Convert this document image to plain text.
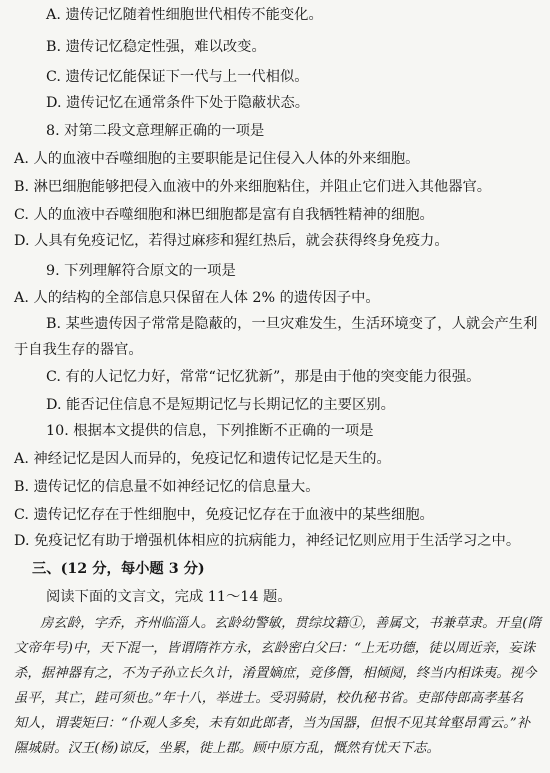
A. 遗传记忆随着性细胞世代相传不能变化。
B. 遗传记忆稳定性强，难以改变。
C. 遗传记忆能保证下一代与上一代相似。
D. 遗传记忆在通常条件下处于隐蔽状态。
8. 对第二段文意理解正确的一项是
A. 人的血液中吞噬细胞的主要职能是记住侵入人体的外来细胞。
B. 淋巴细胞能够把侵入血液中的外来细胞粘住，并阻止它们进入其他器官。
C. 人的血液中吞噬细胞和淋巴细胞都是富有自我牺牲精神的细胞。
D. 人具有免疫记忆，若得过麻疹和猩红热后，就会获得终身免疫力。
9. 下列理解符合原文的一项是
A. 人的结构的全部信息只保留在人体 2% 的遗传因子中。
B. 某些遗传因子常常是隐蔽的，一旦灾难发生，生活环境变了，人就会产生利
于自我生存的器官。
C. 有的人记忆力好，常常“记忆犹新”，那是由于他的突变能力很强。
D. 能否记住信息不是短期记忆与长期记忆的主要区别。
10. 根据本文提供的信息，下列推断不正确的一项是
A. 神经记忆是因人而异的，免疫记忆和遗传记忆是天生的。
B. 遗传记忆的信息量不如神经记忆的信息量大。
C. 遗传记忆存在于性细胞中，免疫记忆存在于血液中的某些细胞。
D. 免疫记忆有助于增强机体相应的抗病能力，神经记忆则应用于生活学习之中。
三、(12 分，每小题 3 分)
阅读下面的文言文，完成 11～14 题。
房玄龄，字乔，齐州临淄人。玄龄幼警敏，贯综坟籍①，善属文，书兼草隶。开皇(隋
文帝年号)中，天下混一，皆谓隋祚方永，玄龄密白父曰：“上无功德，徒以周近亲，妄诛
杀，据神器有之，不为子孙立长久计，淆置嫡庶，竞侈僭，相倾阋，终当内相诛夷。视今
虽平，其亡，跬可须也。”年十八，举进士。受羽骑尉，校仇秘书省。吏部侍郎高孝基名
知人，谓裴矩曰：“仆观人多矣，未有如此郎者，当为国器，但恨不见其耸壑昂霄云。”补
隰城尉。汉王(杨)谅反，坐累，徙上郡。顾中原方乱，慨然有忧天下志。
